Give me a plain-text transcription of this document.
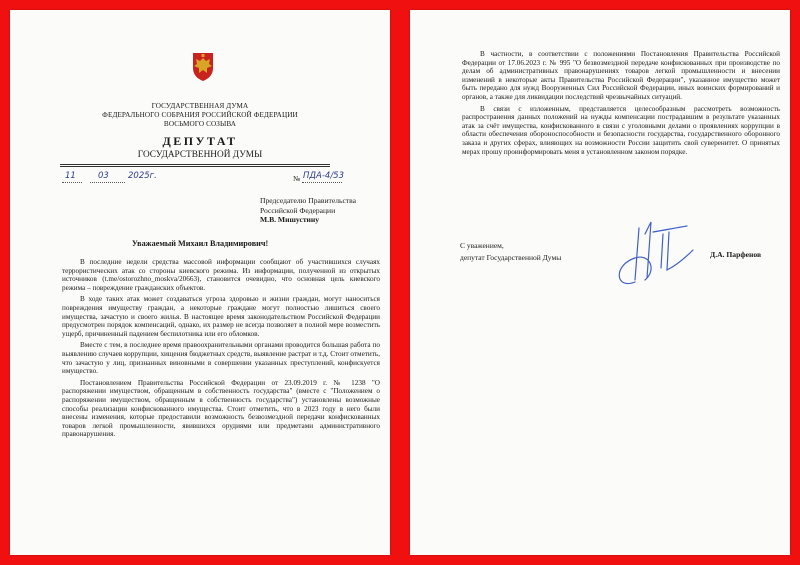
ГОСУДАРСТВЕННАЯ ДУМА
ФЕДЕРАЛЬНОГО СОБРАНИЯ РОССИЙСКОЙ ФЕДЕРАЦИИ
ВОСЬМОГО СОЗЫВА
ДЕПУТАТ
ГОСУДАРСТВЕННОЙ ДУМЫ
11	03 2025г.	№ ПДА-4/53
Председателю Правительства
Российской Федерации
М.В. Мишустину
Уважаемый Михаил Владимирович!

В последние недели средства массовой информации сообщают об участившихся случаях террористических атак со стороны киевского режима. Из информации, полученной из открытых источников (t.me/ostorozhno_moskva/20663), становится очевидно, что основная цель киевского режима – повреждение гражданских объектов.

В ходе таких атак может создаваться угроза здоровью и жизни граждан, могут наноситься повреждения имуществу граждан, а некоторые граждане могут полностью лишиться своего имущества, зачастую и своего жилья. В настоящее время законодательством Российской Федерации предусмотрен порядок компенсаций, однако, их размер не всегда позволяет в полной мере возместить ущерб, причиненный падением беспилотника или его обломков.

Вместе с тем, в последнее время правоохранительными органами проводится большая работа по выявлению случаев коррупции, хищения бюджетных средств, выявление растрат и т.д. Стоит отметить, что зачастую у лиц, признанных виновными в совершении указанных преступлений, конфискуется имущество.

Постановлением Правительства Российской Федерации от 23.09.2019 г. № 1238 "О распоряжении имуществом, обращенным в собственность государства" (вместе с "Положением о распоряжении имуществом, обращенным в собственность государства") установлены возможные способы реализации конфискованного имущества. Стоит отметить, что в 2023 году в него были внесены изменения, которые предоставили возможность безвозмездной передачи конфискованных товаров легкой промышленности, явившихся орудиями или предметами административного правонарушения.

В частности, в соответствии с положениями Постановления Правительства Российской Федерации от 17.06.2023 г. № 995 "О безвозмездной передаче конфискованных при производстве по делам об административных правонарушениях товаров легкой промышленности и внесении изменений в некоторые акты Правительства Российской Федерации", указанное имущество может быть передано для нужд Вооруженных Сил Российской Федерации, иных воинских формирований и органов, а также для ликвидации последствий чрезвычайных ситуаций.

В связи с изложенным, представляется целесообразным рассмотреть возможность распространения данных положений на нужды компенсации пострадавшим в результате указанных атак за счёт имущества, конфискованного в связи с уголовными делами о проявлениях коррупции в области обеспечения обороноспособности и безопасности государства, государственного оборонного заказа и других сферах, влияющих на возможности России защитить свой суверенитет. О принятых мерах прошу проинформировать меня в установленном законом порядке.

С уважением,
депутат Государственной Думы	Д.А. Парфенов
